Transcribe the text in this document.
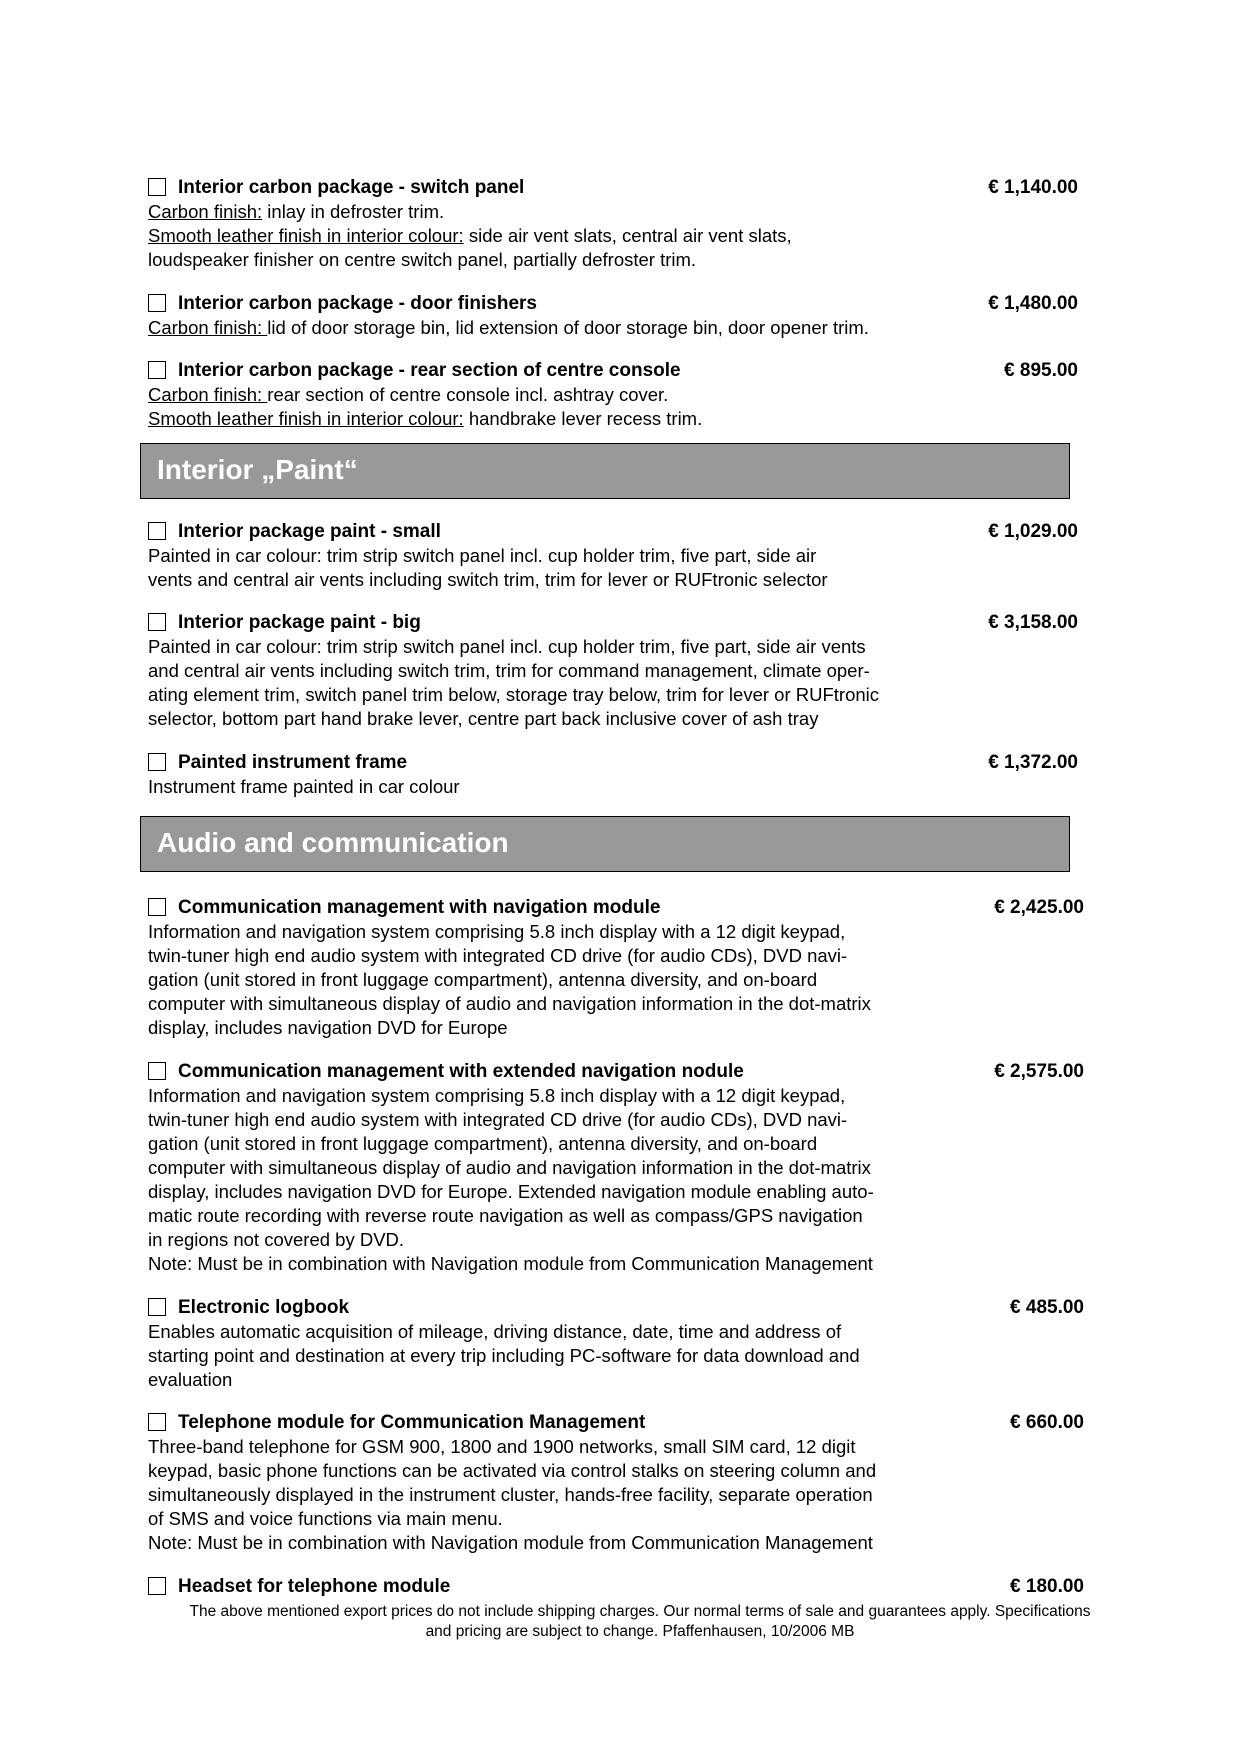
Interior carbon package - switch panel	€ 1,140.00
Carbon finish: inlay in defroster trim.
Smooth leather finish in interior colour: side air vent slats, central air vent slats,
loudspeaker finisher on centre switch panel, partially defroster trim.
Interior carbon package - door finishers	€ 1,480.00
Carbon finish: lid of door storage bin, lid extension of door storage bin, door opener trim.
Interior carbon package - rear section of centre console	€ 895.00
Carbon finish: rear section of centre console incl. ashtray cover.
Smooth leather finish in interior colour: handbrake lever recess trim.
Interior „Paint“
Interior package paint - small	€ 1,029.00
Painted in car colour: trim strip switch panel incl. cup holder trim, five part, side air
vents and central air vents including switch trim, trim for lever or RUFtronic selector
Interior package paint - big	€ 3,158.00
Painted in car colour: trim strip switch panel incl. cup holder trim, five part, side air vents
and central air vents including switch trim, trim for command management, climate oper-
ating element trim, switch panel trim below, storage tray below, trim for lever or RUFtronic
selector, bottom part hand brake lever, centre part back inclusive cover of ash tray
Painted instrument frame	€ 1,372.00
Instrument frame painted in car colour
Audio and communication
Communication management with navigation module	€ 2,425.00
Information and navigation system comprising 5.8 inch display with a 12 digit keypad,
twin-tuner high end audio system with integrated CD drive (for audio CDs), DVD navi-
gation (unit stored in front luggage compartment), antenna diversity, and on-board
computer with simultaneous display of audio and navigation information in the dot-matrix
display, includes navigation DVD for Europe
Communication management with extended navigation nodule	€ 2,575.00
Information and navigation system comprising 5.8 inch display with a 12 digit keypad,
twin-tuner high end audio system with integrated CD drive (for audio CDs), DVD navi-
gation (unit stored in front luggage compartment), antenna diversity, and on-board
computer with simultaneous display of audio and navigation information in the dot-matrix
display, includes navigation DVD for Europe. Extended navigation module enabling auto-
matic route recording with reverse route navigation as well as compass/GPS navigation
in regions not covered by DVD.
Note: Must be in combination with Navigation module from Communication Management
Electronic logbook	€ 485.00
Enables automatic acquisition of mileage, driving distance, date, time and address of
starting point and destination at every trip including PC-software for data download and
evaluation
Telephone module for Communication Management	€ 660.00
Three-band telephone for GSM 900, 1800 and 1900 networks, small SIM card, 12 digit
keypad, basic phone functions can be activated via control stalks on steering column and
simultaneously displayed in the instrument cluster, hands-free facility, separate operation
of SMS and voice functions via main menu.
Note: Must be in combination with Navigation module from Communication Management
Headset for telephone module	€ 180.00
The above mentioned export prices do not include shipping charges. Our normal terms of sale and guarantees apply. Specifications
and pricing are subject to change. Pfaffenhausen, 10/2006 MB
